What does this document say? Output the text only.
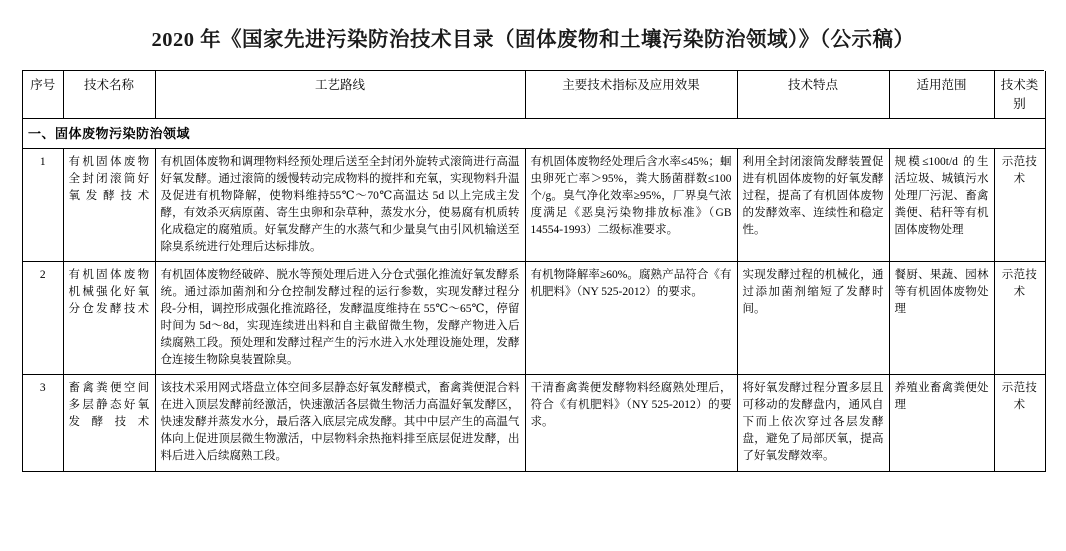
2020 年《国家先进污染防治技术目录（固体废物和土壤污染防治领域）》（公示稿）
序号	技术名称	工艺路线	主要技术指标及应用效果	技术特点	适用范围	技术类别
一、固体废物污染防治领域						
1	有机固体废物全封闭滚筒好氧发酵技术	有机固体废物和调理物料经预处理后送至全封闭外旋转式滚筒进行高温好氧发酵。通过滚筒的缓慢转动完成物料的搅拌和充氧，实现物料升温及促进有机物降解，使物料维持55℃～70℃高温达 5d 以上完成主发酵，有效杀灭病原菌、寄生虫卵和杂草种，蒸发水分，使易腐有机质转化成稳定的腐殖质。好氧发酵产生的水蒸气和少量臭气由引风机输送至除臭系统进行处理后达标排放。	有机固体废物经处理后含水率≤45%；蛔虫卵死亡率＞95%，粪大肠菌群数≤100 个/g。臭气净化效率≥95%，厂界臭气浓度满足《恶臭污染物排放标准》（GB 14554-1993）二级标准要求。	利用全封闭滚筒发酵装置促进有机固体废物的好氧发酵过程，提高了有机固体废物的发酵效率、连续性和稳定性。	规模≤100t/d 的生活垃圾、城镇污水处理厂污泥、畜禽粪便、秸秆等有机固体废物处理	示范技术
2	有机固体废物机械强化好氧分仓发酵技术	有机固体废物经破碎、脱水等预处理后进入分仓式强化推流好氧发酵系统。通过添加菌剂和分仓控制发酵过程的运行参数，实现发酵过程分段-分相，调控形成强化推流路径，发酵温度维持在 55℃～65℃，停留时间为 5d～8d，实现连续进出料和自主截留微生物，发酵产物进入后续腐熟工段。预处理和发酵过程产生的污水进入水处理设施处理，发酵仓连接生物除臭装置除臭。	有机物降解率≥60%。腐熟产品符合《有机肥料》（NY 525-2012）的要求。	实现发酵过程的机械化，通过添加菌剂缩短了发酵时间。	餐厨、果蔬、园林等有机固体废物处理	示范技术
3	畜禽粪便空间多层静态好氧发酵技术	该技术采用网式塔盘立体空间多层静态好氧发酵模式，畜禽粪便混合料在进入顶层发酵前经激活，快速激活各层微生物活力高温好氧发酵区，快速发酵并蒸发水分，最后落入底层完成发酵。其中中层产生的高温气体向上促进顶层微生物激活，中层物料余热拖料排至底层促进发酵，出料后进入后续腐熟工段。	干清畜禽粪便发酵物料经腐熟处理后，符合《有机肥料》（NY 525-2012）的要求。	将好氧发酵过程分置多层且可移动的发酵盘内，通风自下而上依次穿过各层发酵盘，避免了局部厌氧，提高了好氧发酵效率。	养殖业畜禽粪便处理	示范技术
